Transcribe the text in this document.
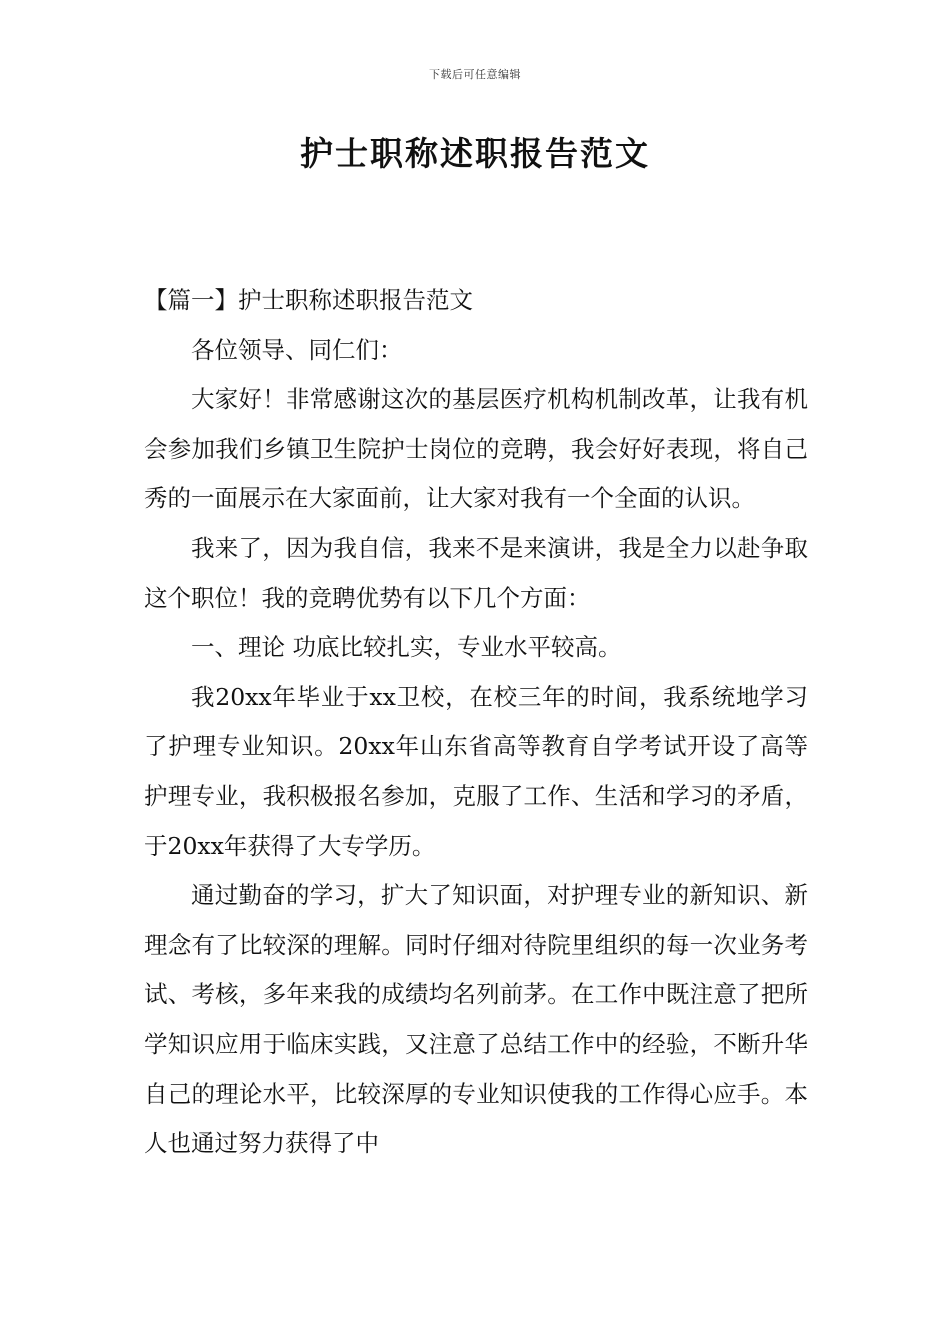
下载后可任意编辑
护士职称述职报告范文

【篇一】护士职称述职报告范文

各位领导、同仁们：

大家好！非常感谢这次的基层医疗机构机制改革，让我有机会参加我们乡镇卫生院护士岗位的竞聘，我会好好表现，将自己秀的一面展示在大家面前，让大家对我有一个全面的认识。

我来了，因为我自信，我来不是来演讲，我是全力以赴争取这个职位！我的竞聘优势有以下几个方面：

一、理论 功底比较扎实，专业水平较高。

我20xx年毕业于xx卫校，在校三年的时间，我系统地学习了护理专业知识。20xx年山东省高等教育自学考试开设了高等护理专业，我积极报名参加，克服了工作、生活和学习的矛盾，于20xx年获得了大专学历。

通过勤奋的学习，扩大了知识面，对护理专业的新知识、新理念有了比较深的理解。同时仔细对待院里组织的每一次业务考试、考核，多年来我的成绩均名列前茅。在工作中既注意了把所学知识应用于临床实践，又注意了总结工作中的经验，不断升华自己的理论水平，比较深厚的专业知识使我的工作得心应手。本人也通过努力获得了中
